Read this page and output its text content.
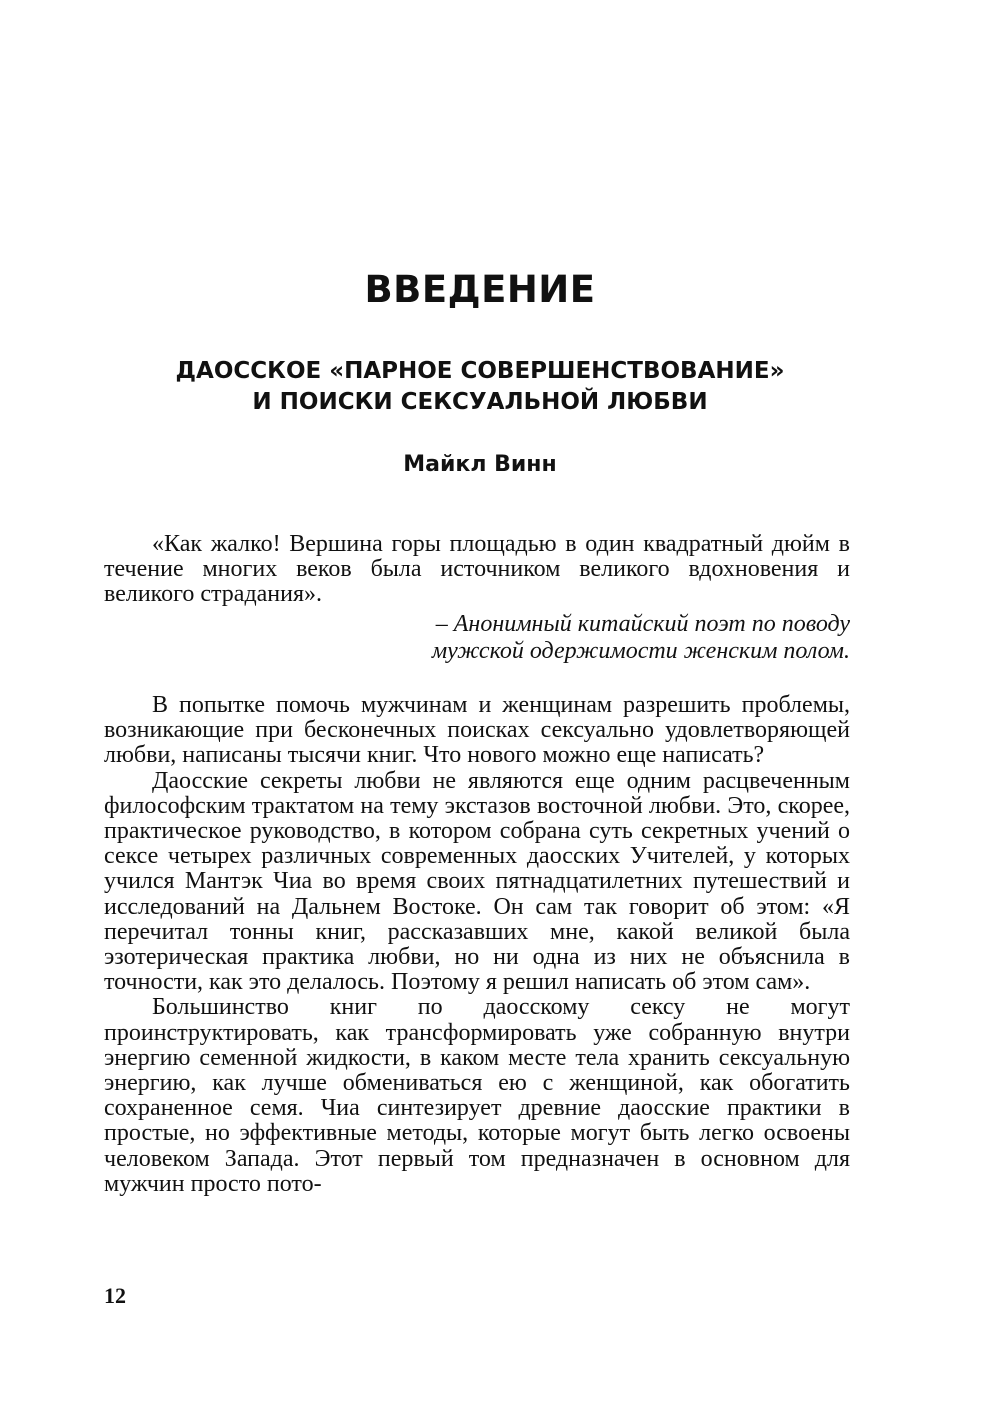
ВВЕДЕНИЕ
ДАОССКОЕ «ПАРНОЕ СОВЕРШЕНСТВОВАНИЕ»
И ПОИСКИ СЕКСУАЛЬНОЙ ЛЮБВИ
Майкл Винн

«Как жалко! Вершина горы площадью в один квадратный дюйм в течение многих веков была источником великого вдохновения и великого страдания».

– Анонимный китайский поэт по поводу
мужской одержимости женским полом.

В попытке помочь мужчинам и женщинам разрешить проблемы, возникающие при бесконечных поисках сексуально удовлетворяющей любви, написаны тысячи книг. Что нового можно еще написать?

Даосские секреты любви не являются еще одним расцвеченным философским трактатом на тему экстазов восточной любви. Это, скорее, практическое руководство, в котором собрана суть секретных учений о сексе четырех различных современных даосских Учителей, у которых учился Мантэк Чиа во время своих пятнадцатилетних путешествий и исследований на Дальнем Востоке. Он сам так говорит об этом: «Я перечитал тонны книг, рассказавших мне, какой великой была эзотерическая практика любви, но ни одна из них не объяснила в точности, как это делалось. Поэтому я решил написать об этом сам».

Большинство книг по даосскому сексу не могут проинструктировать, как трансформировать уже собранную внутри энергию семенной жидкости, в каком месте тела хранить сексуальную энергию, как лучше обмениваться ею с женщиной, как обогатить сохраненное семя. Чиа синтезирует древние даосские практики в простые, но эффективные методы, которые могут быть легко освоены человеком Запада. Этот первый том предназначен в основном для мужчин просто пото-

12
